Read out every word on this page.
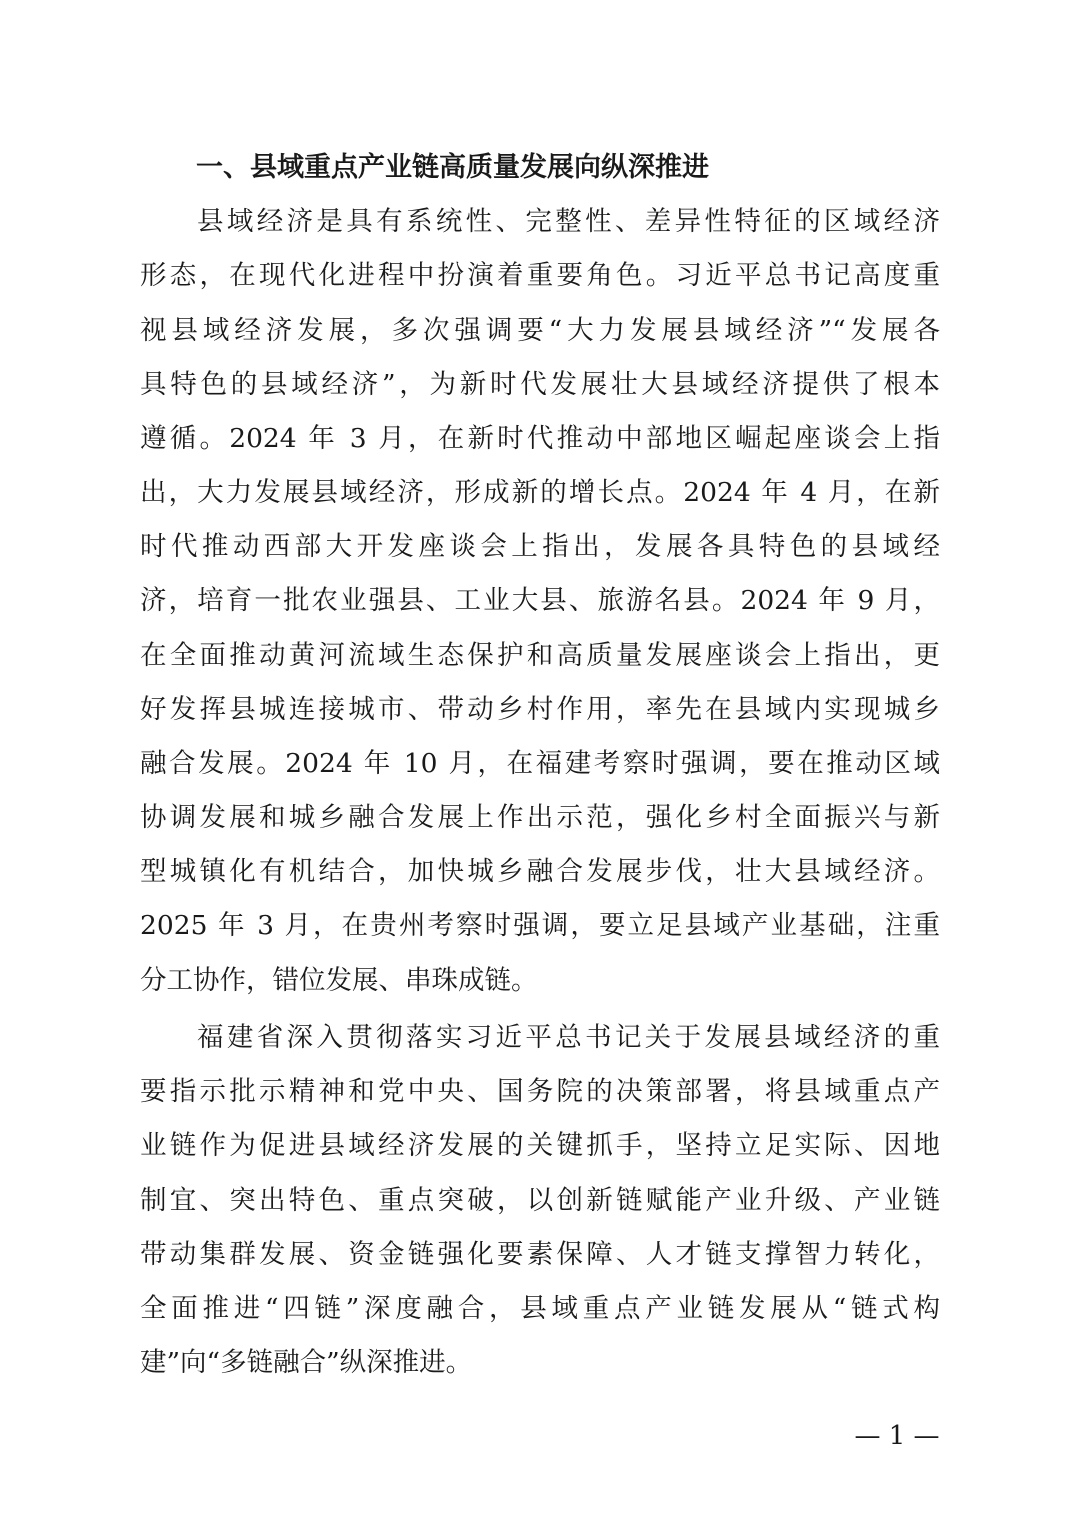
一、县域重点产业链高质量发展向纵深推进

县域经济是具有系统性、完整性、差异性特征的区域经济

形态，在现代化进程中扮演着重要角色。习近平总书记高度重

视县域经济发展，多次强调要“大力发展县域经济”“发展各

具特色的县域经济”，为新时代发展壮大县域经济提供了根本

遵循。2024 年 3 月，在新时代推动中部地区崛起座谈会上指

出，大力发展县域经济，形成新的增长点。2024 年 4 月，在新

时代推动西部大开发座谈会上指出，发展各具特色的县域经

济，培育一批农业强县、工业大县、旅游名县。2024 年 9 月，

在全面推动黄河流域生态保护和高质量发展座谈会上指出，更

好发挥县城连接城市、带动乡村作用，率先在县域内实现城乡

融合发展。2024 年 10 月，在福建考察时强调，要在推动区域

协调发展和城乡融合发展上作出示范，强化乡村全面振兴与新

型城镇化有机结合，加快城乡融合发展步伐，壮大县域经济。

2025 年 3 月，在贵州考察时强调，要立足县域产业基础，注重

分工协作，错位发展、串珠成链。

福建省深入贯彻落实习近平总书记关于发展县域经济的重

要指示批示精神和党中央、国务院的决策部署，将县域重点产

业链作为促进县域经济发展的关键抓手，坚持立足实际、因地

制宜、突出特色、重点突破，以创新链赋能产业升级、产业链

带动集群发展、资金链强化要素保障、人才链支撑智力转化，

全面推进“四链”深度融合，县域重点产业链发展从“链式构

建”向“多链融合”纵深推进。

— 1 —
